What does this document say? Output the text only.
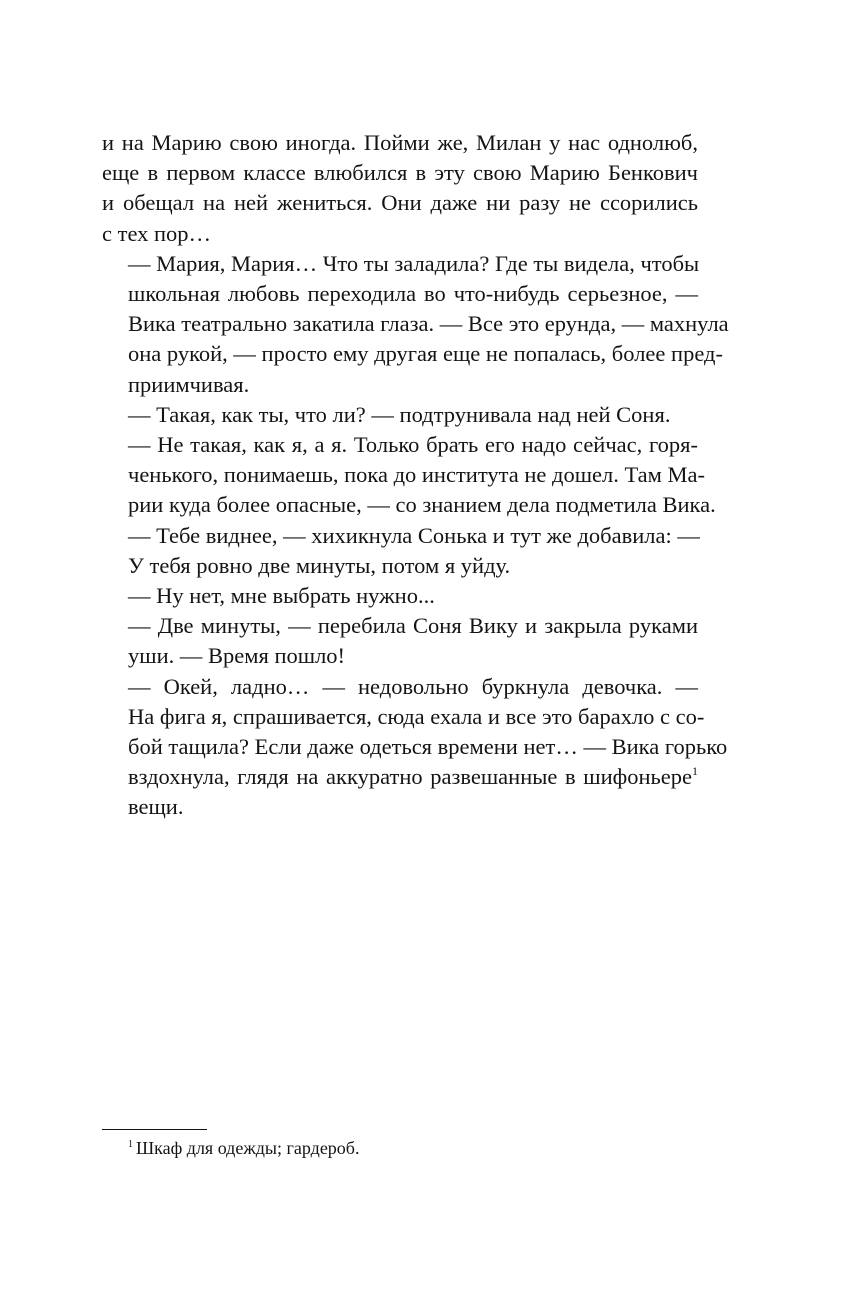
и на Марию свою иногда. Пойми же, Милан у нас однолюб,
еще в первом классе влюбился в эту свою Марию Бенкович
и обещал на ней жениться. Они даже ни разу не ссорились
с тех пор…
— Мария, Мария… Что ты заладила? Где ты видела, чтобы
школьная любовь переходила во что-нибудь серьезное, —
Вика театрально закатила глаза. — Все это ерунда, — махнула
она рукой, — просто ему другая еще не попалась, более пред-
приимчивая.
— Такая, как ты, что ли? — подтрунивала над ней Соня.
— Не такая, как я, а я. Только брать его надо сейчас, горя-
ченького, понимаешь, пока до института не дошел. Там Ма-
рии куда более опасные, — со знанием дела подметила Вика.
— Тебе виднее, — хихикнула Сонька и тут же добавила: —
У тебя ровно две минуты, потом я уйду.
— Ну нет, мне выбрать нужно...
— Две минуты, — перебила Соня Вику и закрыла руками
уши. — Время пошло!
— Окей, ладно… — недовольно буркнула девочка. —
На фига я, спрашивается, сюда ехала и все это барахло с со-
бой тащила? Если даже одеться времени нет… — Вика горько
вздохнула, глядя на аккуратно развешанные в шифоньере$^1$
вещи.
$^1$ Шкаф для одежды; гардероб.
